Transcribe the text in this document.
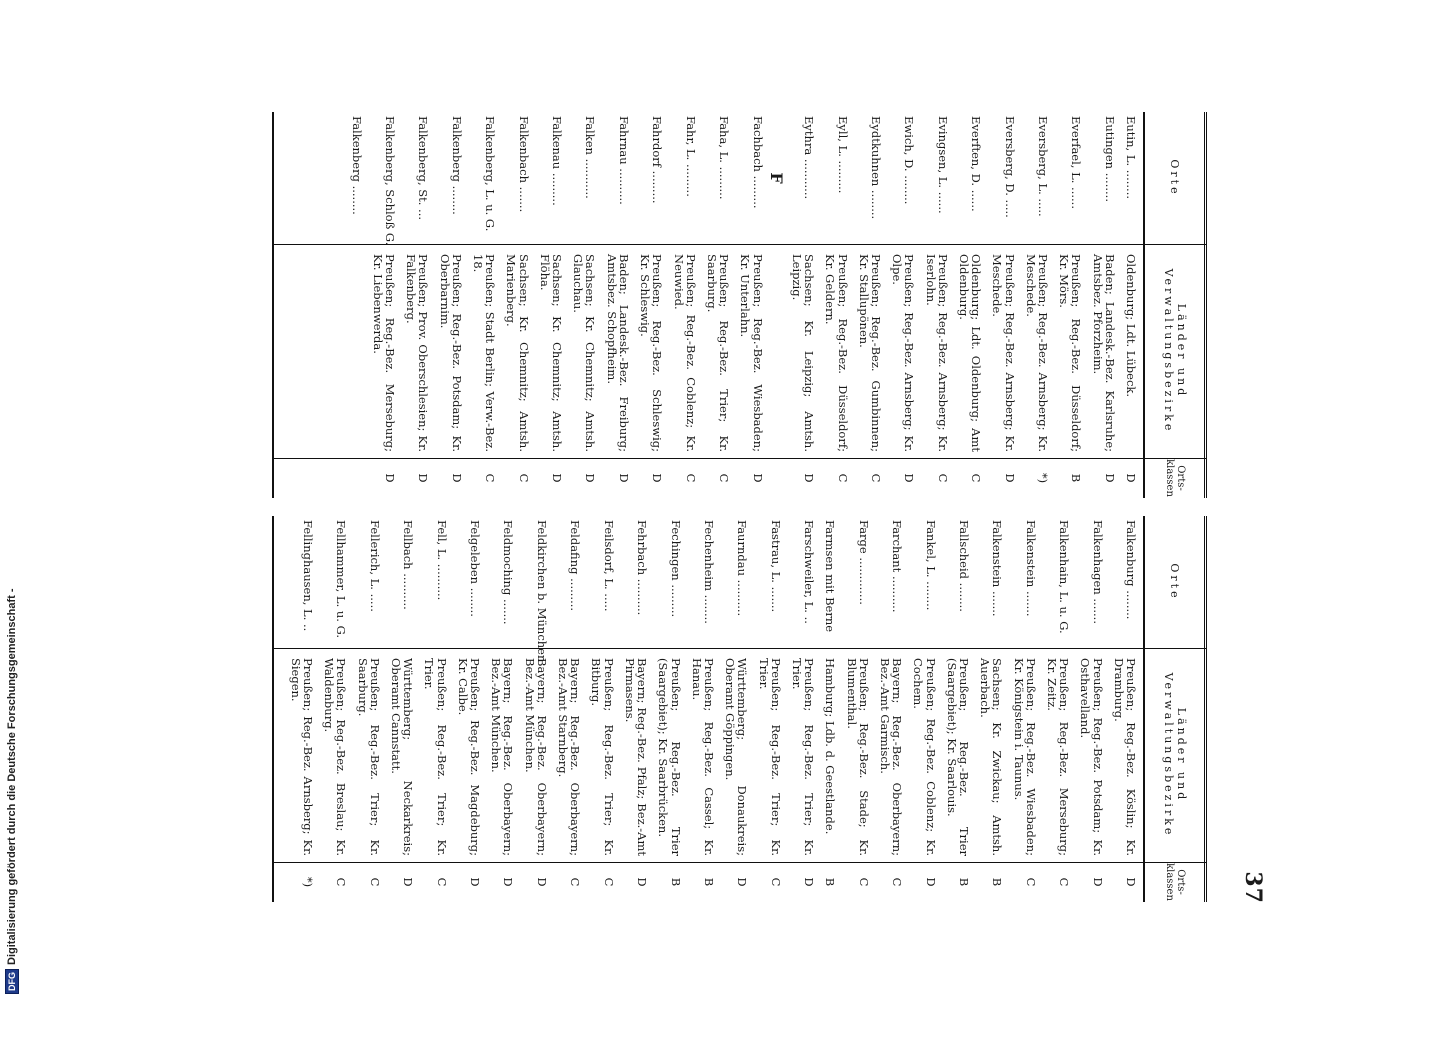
DFG
Digitalisierung gefördert durch die Deutsche Forschungsgemeinschaft -	37
Orte
Länder und Verwaltungsbezirke
Orts-klassen
Eutin, L. ........
Oldenburg; Ldt. Lübeck.
D
Eutingen ........
Baden; Landesk.-Bez. Karlsruhe; Amtsbez. Pforzheim.
D
Everfael, L. ......
Preußen; Reg.-Bez. Düsseldorf; Kr. Mörs.
B
Eversberg, L. .....
Preußen; Reg.-Bez. Arnsberg; Kr. Meschede.
*)
Eversberg, D. .....
Preußen; Reg.-Bez. Arnsberg; Kr. Meschede.
D
Everften, D. ......
Oldenburg; Ldt. Oldenburg; Amt Oldenburg.
C
Evingsen, L. ......
Preußen; Reg.-Bez. Arnsberg; Kr. Iserlohn.
C
Ewich, D. ........
Preußen; Reg.-Bez. Arnsberg; Kr. Olpe.
D
Eydtkuhnen ........
Preußen; Reg.-Bez. Gumbinnen; Kr. Stallupönen.
C
Eyll, L. .........
Preußen; Reg.-Bez. Düsseldorf; Kr. Geldern.
C
Eythra ...........
Sachsen; Kr. Leipzig; Amtsh. Leipzig.
D
F
Fachbach .........
Preußen; Reg.-Bez. Wiesbaden; Kr. Unterlahn.
D
Faha, L. .........
Preußen; Reg.-Bez. Trier; Kr. Saarburg.
C
Fahr, L. .........
Preußen; Reg.-Bez. Coblenz; Kr. Neuwied.
C
Fahrdorf .........
Preußen; Reg.-Bez. Schleswig; Kr. Schleswig.
D
Fahrnau ..........
Baden; Landesk.-Bez. Freiburg; Amtsbez. Schopfheim.
D
Falken ...........
Sachsen; Kr. Chemnitz; Amtsh. Glauchau.
D
Falkenau .........
Sachsen; Kr. Chemnitz; Amtsh. Flöha.
D
Falkenbach .......
Sachsen; Kr. Chemnitz; Amtsh. Marienberg.
C
Falkenberg, L. u. G.
Preußen; Stadt Berlin; Verw.-Bez. 18.
C
Falkenberg ........
Preußen; Reg.-Bez. Potsdam; Kr. Oberbarnim.
D
Falkenberg, St. ...
Preußen; Prov. Oberschlesien; Kr. Falkenberg.
D
Falkenberg, Schloß G.
Preußen; Reg.-Bez. Merseburg; Kr. Liebenwerda.
D
Falkenberg ........
Orte
Länder und Verwaltungsbezirke
Orts-klassen
Falkenburg ........
Preußen; Reg.-Bez. Köslin; Kr. Dramburg.
D
Falkenhagen .......
Preußen; Reg.-Bez. Potsdam; Kr. Osthavelland.
D
Falkenhain, L. u. G.
Preußen; Reg.-Bez. Merseburg; Kr. Zeitz.
C
Falkenstein .......
Preußen; Reg.-Bez. Wiesbaden; Kr. Königstein i. Taunus.
C
Falkenstein .......
Sachsen; Kr. Zwickau; Amtsh. Auerbach.
B
Fallscheid ........
Preußen; Reg.-Bez. Trier (Saargebiet); Kr. Saarlouis.
B
Fankel, L. ........
Preußen; Reg.-Bez. Coblenz; Kr. Cochem.
D
Farchant ..........
Bayern; Reg.-Bez. Oberbayern; Bez.-Amt Garmisch.
C
Farge .............
Preußen; Reg.-Bez. Stade; Kr. Blumenthal.
C
Farmsen mit Berne
Hamburg; Ldb. d. Geestlande.
B
Farschweiler, L. ..
Preußen; Reg.-Bez. Trier; Kr. Trier.
D
Fastrau, L. .......
Preußen; Reg.-Bez. Trier; Kr. Trier.
C
Faurndau ..........
Württemberg; Donaukreis; Oberamt Göppingen.
D
Fechenheim ........
Preußen; Reg.-Bez. Cassel; Kr. Hanau.
B
Fechingen .........
Preußen; Reg.-Bez. Trier (Saargebiet); Kr. Saarbrücken.
B
Fehrbach ..........
Bayern; Reg.-Bez. Pfalz; Bez.-Amt Pirmasens.
D
Feilsdorf, L. .....
Preußen; Reg.-Bez. Trier; Kr. Bitburg.
C
Feldafing .........
Bayern; Reg.-Bez. Oberbayern; Bez.-Amt Starnberg.
C
Feldkirchen b. München
Bayern; Reg.-Bez. Oberbayern; Bez.-Amt München.
D
Feldmoching .......
Bayern; Reg.-Bez. Oberbayern; Bez.-Amt München.
D
Felgeleben ........
Preußen; Reg.-Bez. Magdeburg; Kr. Calbe.
D
Fell, L. ..........
Preußen; Reg.-Bez. Trier; Kr. Trier.
C
Fellbach ..........
Württemberg; Neckarkreis; Oberamt Cannstatt.
D
Fellerich, L. .....
Preußen; Reg.-Bez. Trier; Kr. Saarburg.
C
Fellhammer, L. u. G.
Preußen; Reg.-Bez. Breslau; Kr. Waldenburg.
C
Fellinghausen, L. ..
Preußen; Reg.-Bez. Arnsberg; Kr. Siegen.
*)
